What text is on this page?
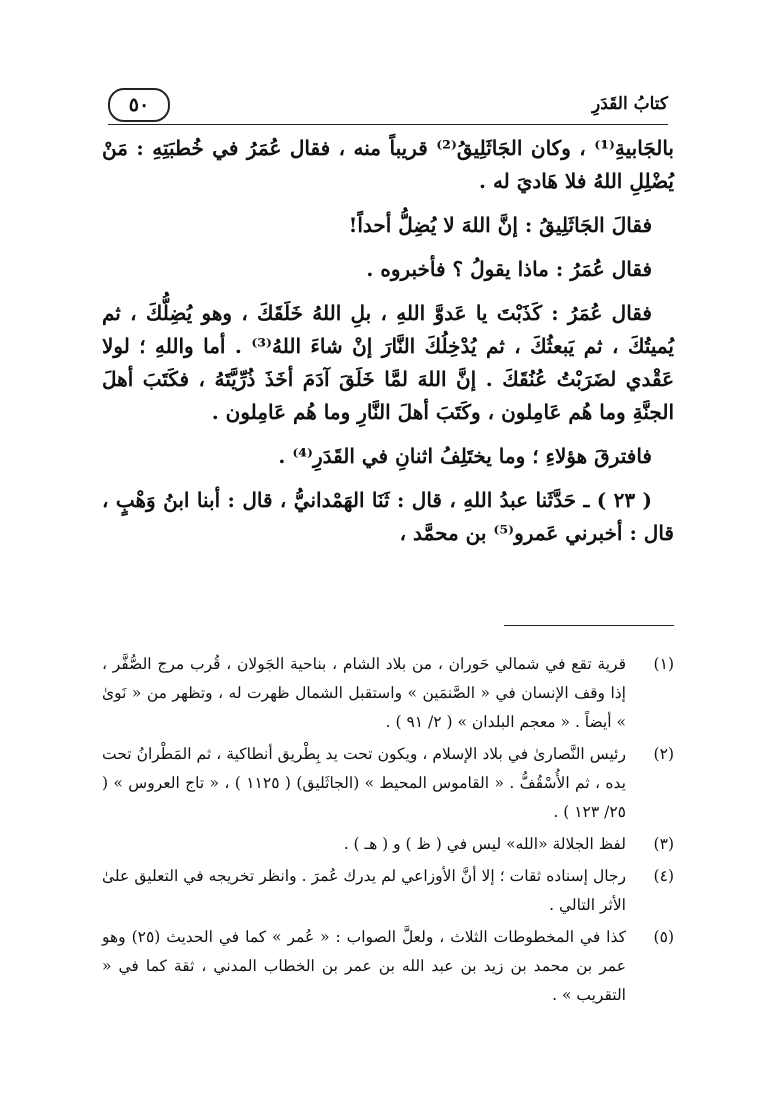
كتابُ القَدَرِ
٥٠

بالجَابيةِ⁽¹⁾ ، وكان الجَاثَلِيقُ⁽²⁾ قريباً منه ، فقال عُمَرُ في خُطبَتِهِ : مَنْ يُضْلِلِ اللهُ فلا هَاديَ له .

فقالَ الجَاثَلِيقُ : إنَّ اللهَ لا يُضِلُّ أحداً!

فقال عُمَرُ : ماذا يقولُ ؟ فأخبروه .

فقال عُمَرُ : كَذَبْتَ يا عَدوَّ اللهِ ، بلِ اللهُ خَلَقَكَ ، وهو يُضِلُّكَ ، ثم يُميتُكَ ، ثم يَبعثُكَ ، ثم يُدْخِلُكَ النَّارَ إنْ شاءَ اللهُ⁽³⁾ . أما واللهِ ؛ لولا عَقْدي لضَرَبْتُ عُنُقَكَ . إنَّ اللهَ لمَّا خَلَقَ آدَمَ أخَذَ ذُرِّيَّتَهُ ، فكَتَبَ أهلَ الجنَّةِ وما هُم عَامِلون ، وكَتَبَ أهلَ النَّارِ وما هُم عَامِلون .

فافترقَ هؤلاءِ ؛ وما يختَلِفُ اثنانِ في القَدَرِ⁽⁴⁾ .

( ٢٣ ) ـ حَدَّثَنا عبدُ اللهِ ، قال : ثَنَا الهَمْدانيُّ ، قال : أبنا ابنُ وَهْبٍ ، قال : أخبرني عَمرو⁽⁵⁾ بن محمَّد ،

(١)
قرية تقع في شمالي حَوران ، من بلاد الشام ، بناحية الجَولان ، قُرب مرج الصُّفَّر ، إذا وقف الإنسان في « الصَّنمَين » واستقبل الشمال ظهرت له ، وتظهر من « نَوىٰ » أيضاً . « معجم البلدان » ( ٢/ ٩١ ) .
(٢)
رئيس النَّصارىٰ في بلاد الإسلام ، ويكون تحت يد بِطْريق أنطاكية ، ثم المَطْرانُ تحت يده ، ثم الأُسْقُفُّ . « القاموس المحيط » (الجاثَليق) ( ١١٢٥ ) ، « تاج العروس » ( ٢٥/ ١٢٣ ) .
(٣)
لفظ الجلالة «الله» ليس في ( ظ ) و ( هـ ) .
(٤)
رجال إسناده ثقات ؛ إلا أنَّ الأوزاعي لم يدرك عُمرَ . وانظر تخريجه في التعليق علىٰ الأثر التالي .
(٥)
كذا في المخطوطات الثلاث ، ولعلَّ الصواب : « عُمر » كما في الحديث (٢٥) وهو عمر بن محمد بن زيد بن عبد الله بن عمر بن الخطاب المدني ، ثقة كما في « التقريب » .
